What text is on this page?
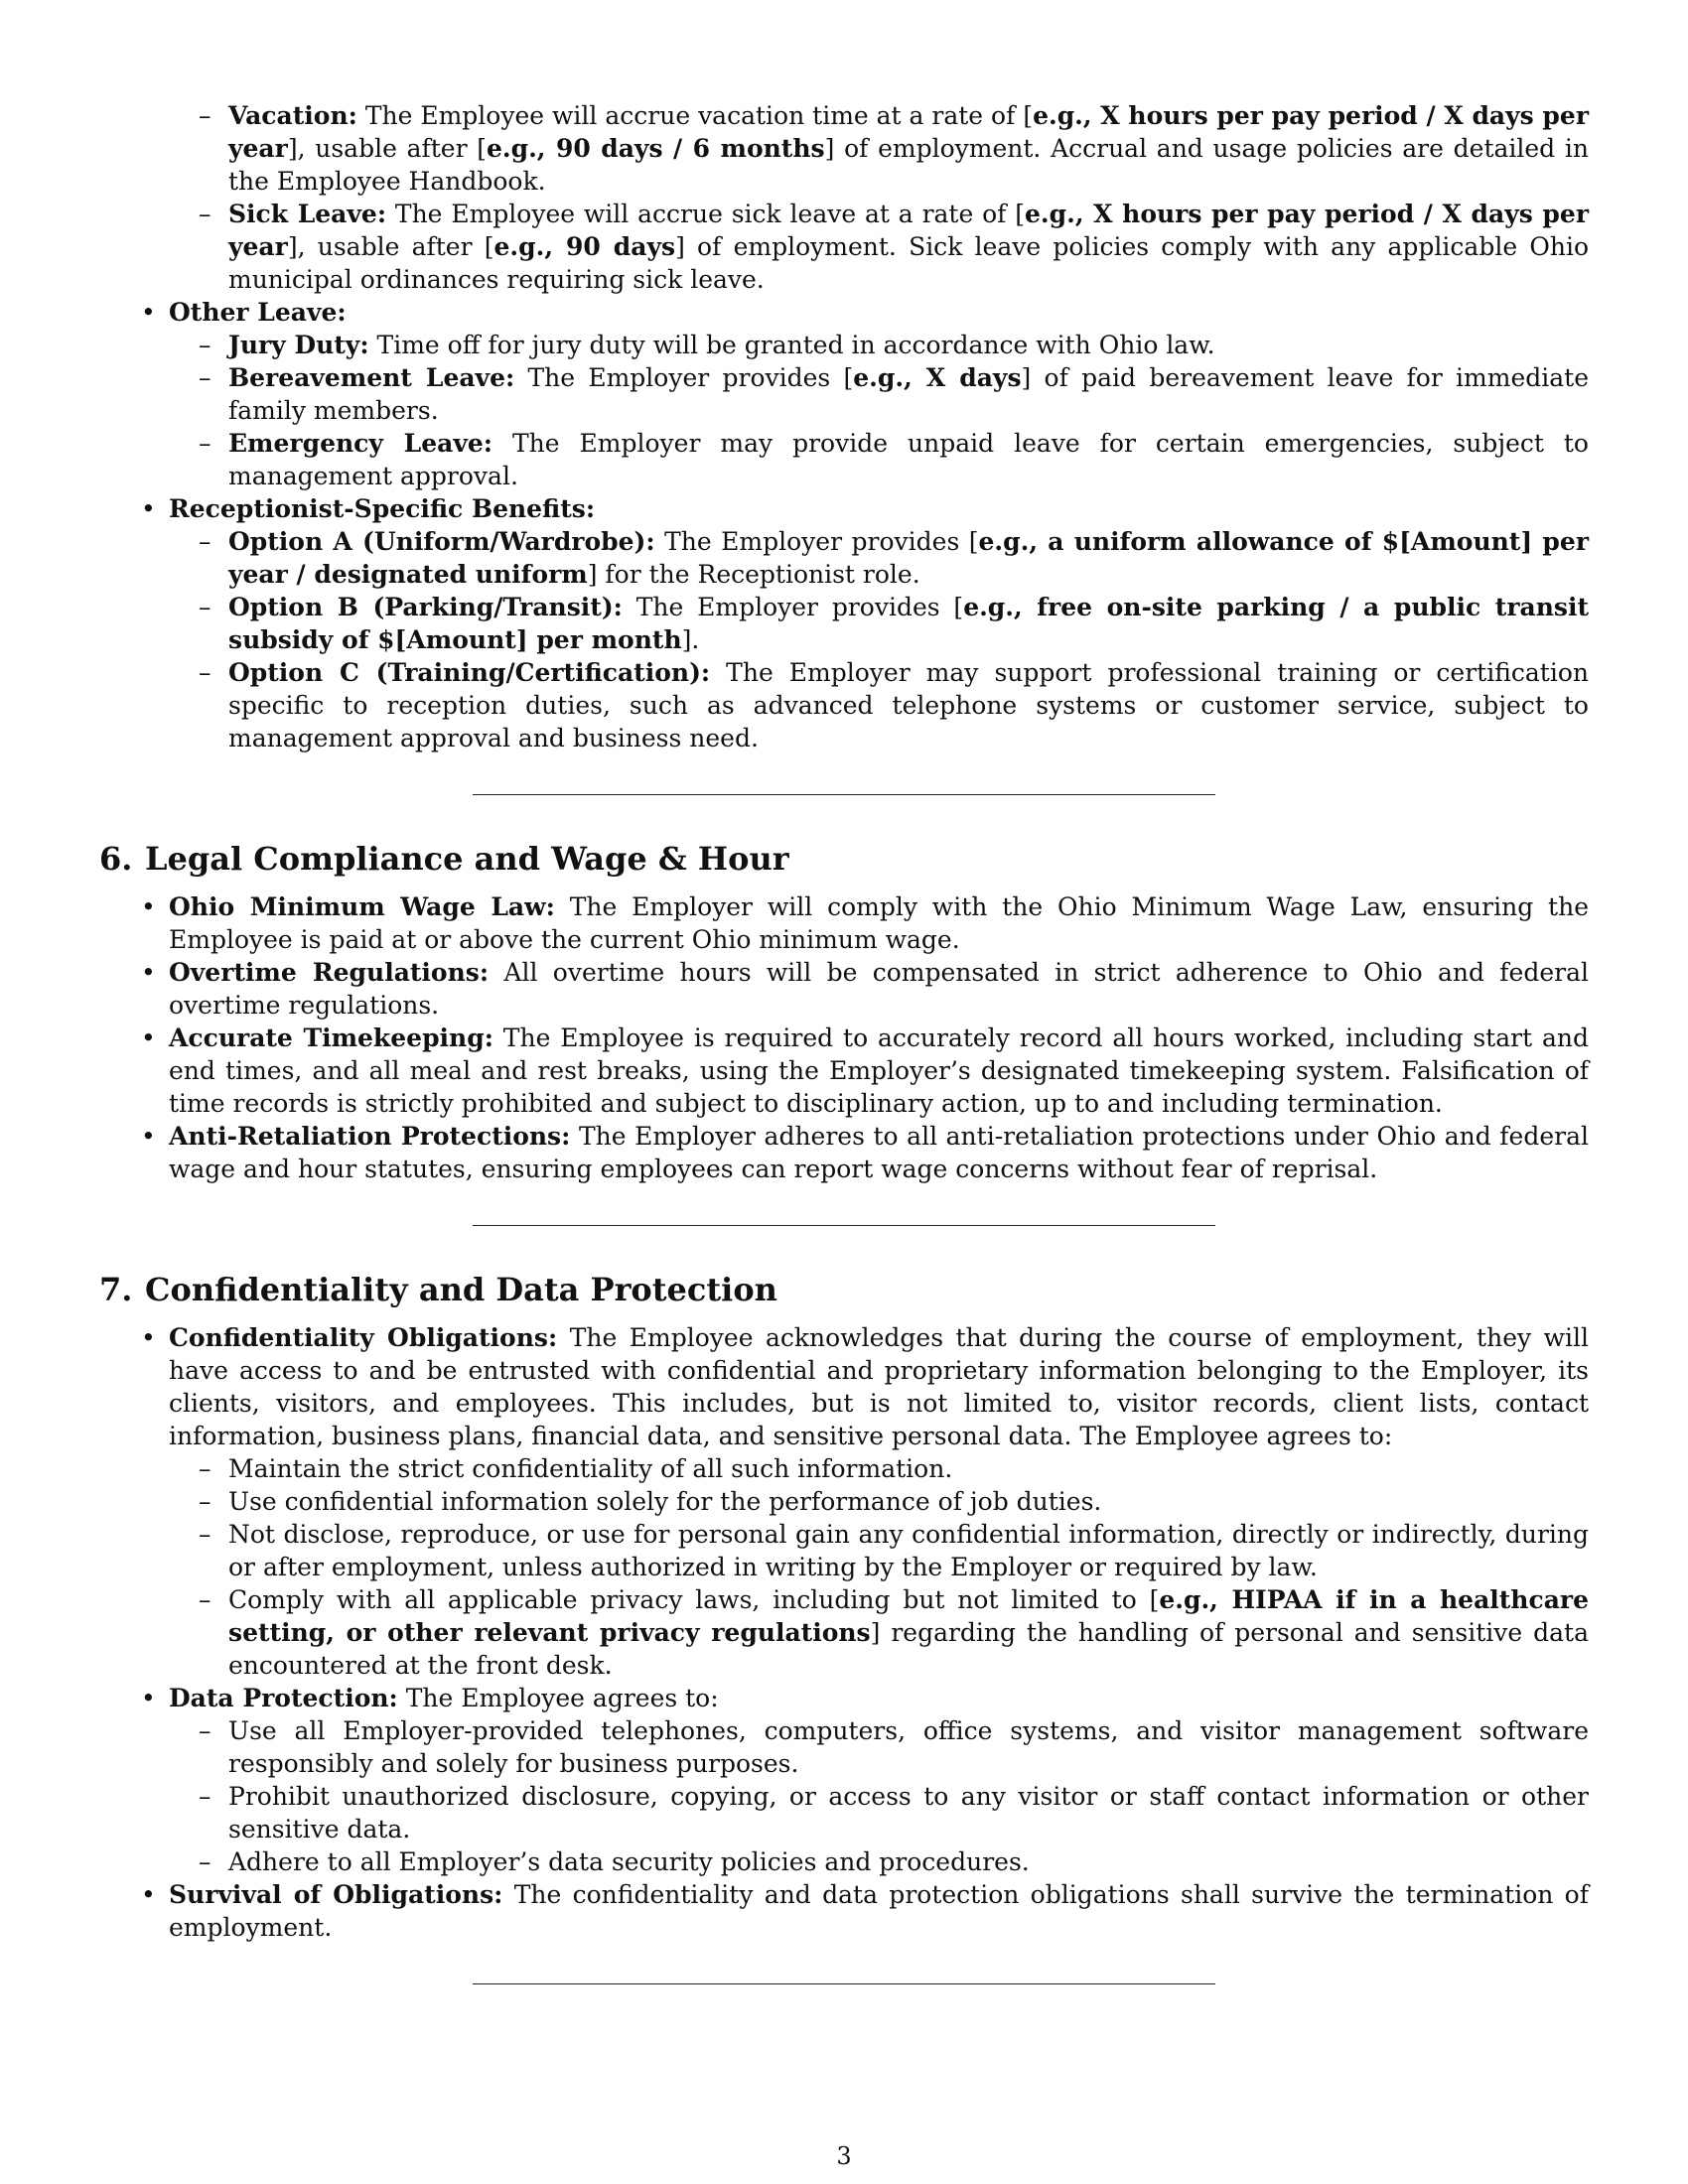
– Vacation: The Employee will accrue vacation time at a rate of [e.g., X hours per pay period / X days per year], usable after [e.g., 90 days / 6 months] of employment. Accrual and usage policies are detailed in the Employee Handbook.
– Sick Leave: The Employee will accrue sick leave at a rate of [e.g., X hours per pay period / X days per year], usable after [e.g., 90 days] of employment. Sick leave policies comply with any applicable Ohio municipal ordinances requiring sick leave.
• Other Leave:
– Jury Duty: Time off for jury duty will be granted in accordance with Ohio law.
– Bereavement Leave: The Employer provides [e.g., X days] of paid bereavement leave for immediate family members.
– Emergency Leave: The Employer may provide unpaid leave for certain emergencies, subject to management approval.
• Receptionist-Specific Benefits:
– Option A (Uniform/Wardrobe): The Employer provides [e.g., a uniform allowance of $[Amount] per year / designated uniform] for the Receptionist role.
– Option B (Parking/Transit): The Employer provides [e.g., free on-site parking / a public transit subsidy of $[Amount] per month].
– Option C (Training/Certification): The Employer may support professional training or certification specific to reception duties, such as advanced telephone systems or customer service, subject to management approval and business need.
6. Legal Compliance and Wage & Hour
• Ohio Minimum Wage Law: The Employer will comply with the Ohio Minimum Wage Law, ensuring the Employee is paid at or above the current Ohio minimum wage.
• Overtime Regulations: All overtime hours will be compensated in strict adherence to Ohio and federal overtime regulations.
• Accurate Timekeeping: The Employee is required to accurately record all hours worked, including start and end times, and all meal and rest breaks, using the Employer’s designated timekeeping system. Falsification of time records is strictly prohibited and subject to disciplinary action, up to and including termination.
• Anti-Retaliation Protections: The Employer adheres to all anti-retaliation protections under Ohio and federal wage and hour statutes, ensuring employees can report wage concerns without fear of reprisal.
7. Confidentiality and Data Protection
• Confidentiality Obligations: The Employee acknowledges that during the course of employment, they will have access to and be entrusted with confidential and proprietary information belonging to the Employer, its clients, visitors, and employees. This includes, but is not limited to, visitor records, client lists, contact information, business plans, financial data, and sensitive personal data. The Employee agrees to:
– Maintain the strict confidentiality of all such information.
– Use confidential information solely for the performance of job duties.
– Not disclose, reproduce, or use for personal gain any confidential information, directly or indirectly, during or after employment, unless authorized in writing by the Employer or required by law.
– Comply with all applicable privacy laws, including but not limited to [e.g., HIPAA if in a healthcare setting, or other relevant privacy regulations] regarding the handling of personal and sensitive data encountered at the front desk.
• Data Protection: The Employee agrees to:
– Use all Employer-provided telephones, computers, office systems, and visitor management software responsibly and solely for business purposes.
– Prohibit unauthorized disclosure, copying, or access to any visitor or staff contact information or other sensitive data.
– Adhere to all Employer’s data security policies and procedures.
• Survival of Obligations: The confidentiality and data protection obligations shall survive the termination of employment.
3
